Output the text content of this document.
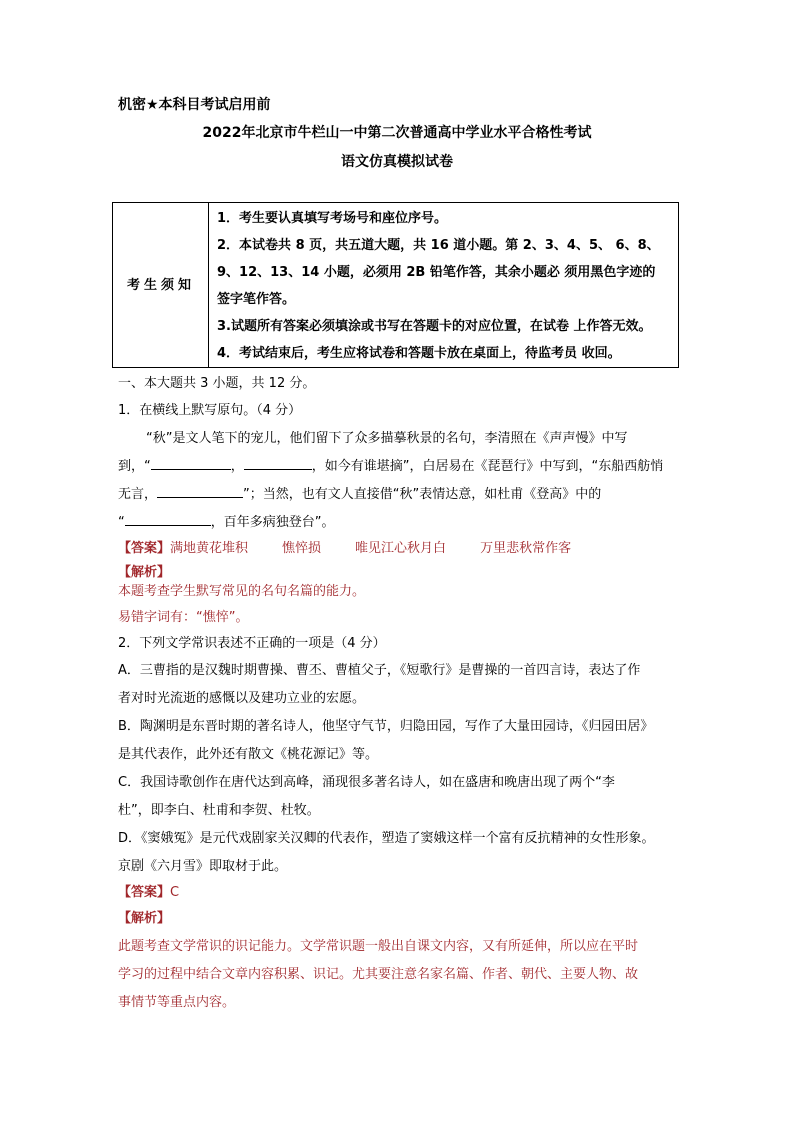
机密★本科目考试启用前
2022年北京市牛栏山一中第二次普通高中学业水平合格性考试
语文仿真模拟试卷
考生须知
1．考生要认真填写考场号和座位序号。
2．本试卷共 8 页，共五道大题，共 16 道小题。第 2、3、4、5、 6、8、
9、12、13、14 小题，必须用 2B 铅笔作答，其余小题必 须用黑色字迹的
签字笔作答。
3.试题所有答案必须填涂或书写在答题卡的对应位置，在试卷 上作答无效。
4．考试结束后，考生应将试卷和答题卡放在桌面上，待监考员 收回。
一、本大题共 3 小题，共 12 分。
1．在横线上默写原句。（4 分）
“秋”是文人笔下的宠儿，他们留下了众多描摹秋景的名句，李清照在《声声慢》中写
到，“	，	，如今有谁堪摘”，白居易在《琵琶行》中写到，“东船西舫悄
无言，	”；当然，也有文人直接借“秋”表情达意，如杜甫《登高》中的
“	，百年多病独登台”。
【答案】满地黄花堆积	憔悴损	唯见江心秋月白	万里悲秋常作客
【解析】
本题考查学生默写常见的名句名篇的能力。
易错字词有：“憔悴”。
2．下列文学常识表述不正确的一项是（4 分）
A．三曹指的是汉魏时期曹操、曹丕、曹植父子，《短歌行》是曹操的一首四言诗，表达了作
者对时光流逝的感慨以及建功立业的宏愿。
B．陶渊明是东晋时期的著名诗人，他坚守气节，归隐田园，写作了大量田园诗，《归园田居》
是其代表作，此外还有散文《桃花源记》等。
C．我国诗歌创作在唐代达到高峰，涌现很多著名诗人，如在盛唐和晚唐出现了两个“李
杜”，即李白、杜甫和李贺、杜牧。
D．《窦娥冤》是元代戏剧家关汉卿的代表作，塑造了窦娥这样一个富有反抗精神的女性形象。
京剧《六月雪》即取材于此。
【答案】C
【解析】
此题考查文学常识的识记能力。文学常识题一般出自课文内容，又有所延伸，所以应在平时
学习的过程中结合文章内容积累、识记。尤其要注意名家名篇、作者、朝代、主要人物、故
事情节等重点内容。
